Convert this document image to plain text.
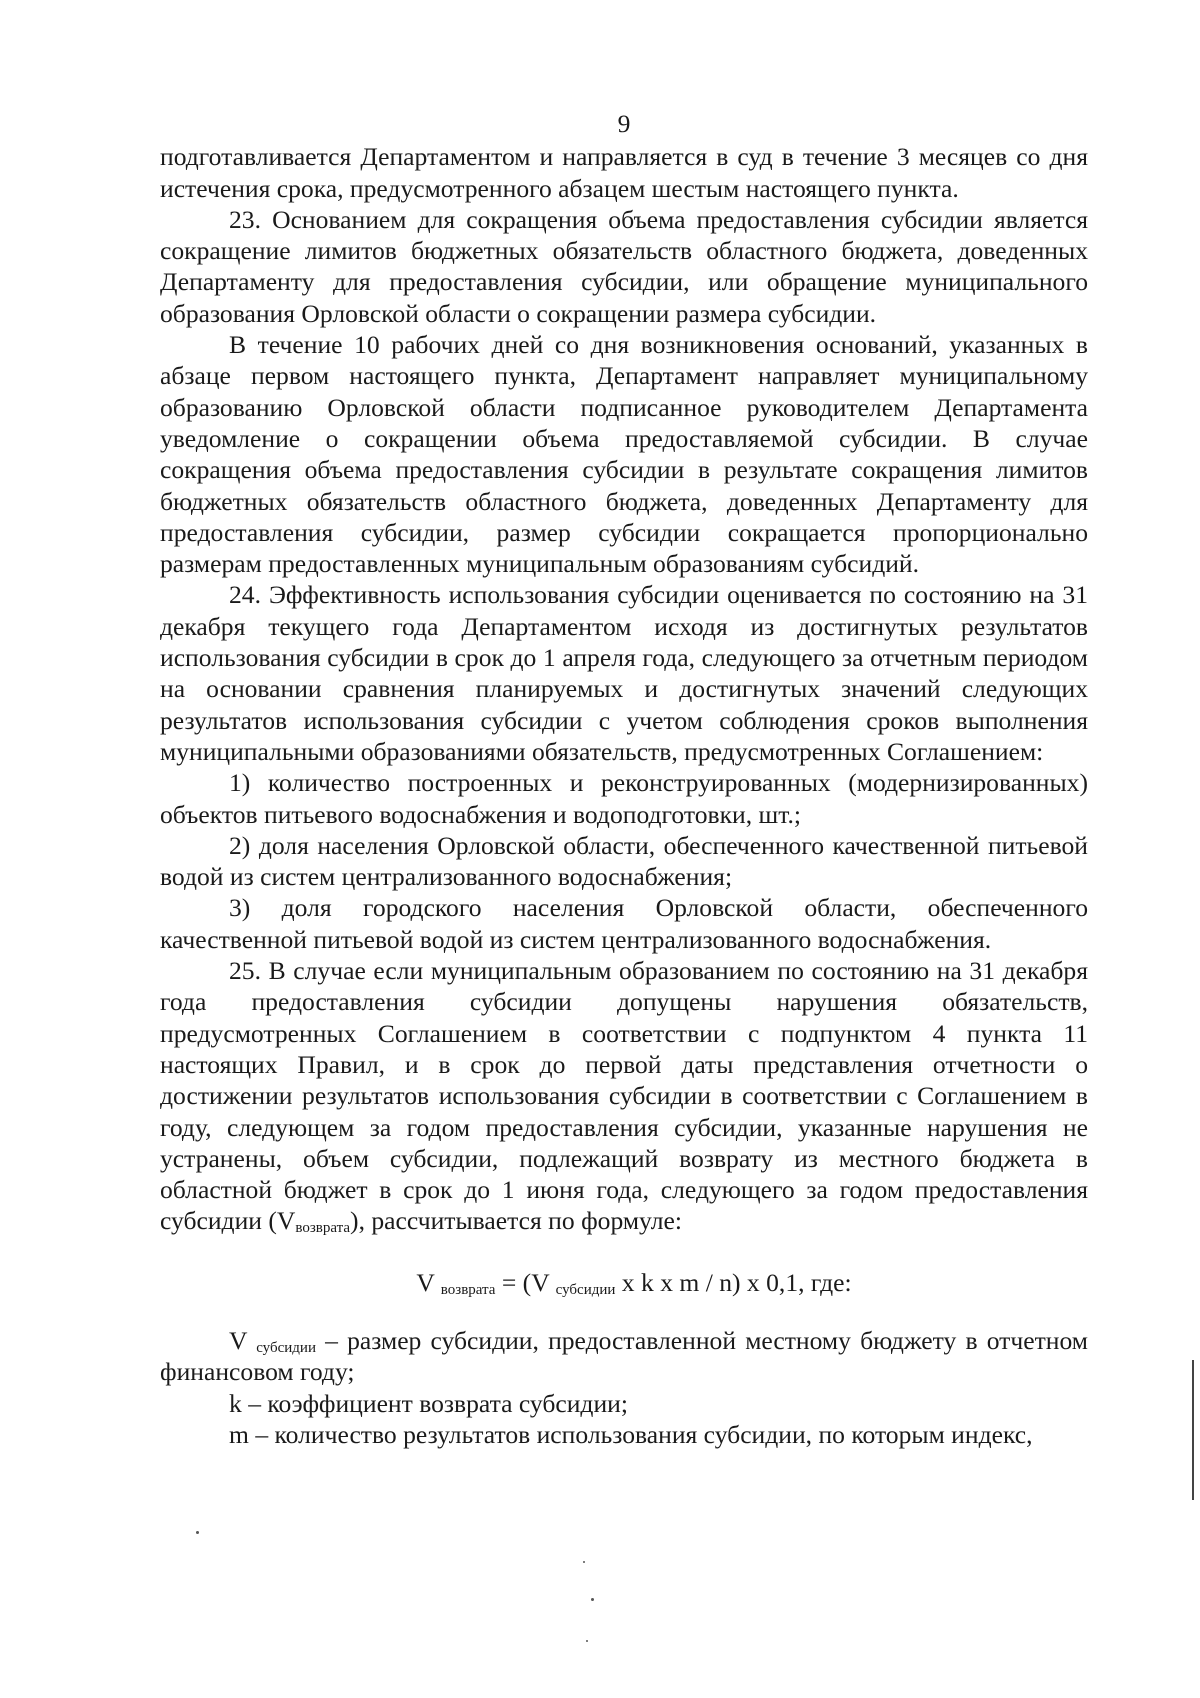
9

подготавливается Департаментом и направляется в суд в течение 3 месяцев со дня истечения срока, предусмотренного абзацем шестым настоящего пункта.

23. Основанием для сокращения объема предоставления субсидии является сокращение лимитов бюджетных обязательств областного бюджета, доведенных Департаменту для предоставления субсидии, или обращение муниципального образования Орловской области о сокращении размера субсидии.

В течение 10 рабочих дней со дня возникновения оснований, указанных в абзаце первом настоящего пункта, Департамент направляет муниципальному образованию Орловской области подписанное руководителем Департамента уведомление о сокращении объема предоставляемой субсидии. В случае сокращения объема предоставления субсидии в результате сокращения лимитов бюджетных обязательств областного бюджета, доведенных Департаменту для предоставления субсидии, размер субсидии сокращается пропорционально размерам предоставленных муниципальным образованиям субсидий.

24. Эффективность использования субсидии оценивается по состоянию на 31 декабря текущего года Департаментом исходя из достигнутых результатов использования субсидии в срок до 1 апреля года, следующего за отчетным периодом на основании сравнения планируемых и достигнутых значений следующих результатов использования субсидии с учетом соблюдения сроков выполнения муниципальными образованиями обязательств, предусмотренных Соглашением:

1) количество построенных и реконструированных (модернизированных) объектов питьевого водоснабжения и водоподготовки, шт.;

2) доля населения Орловской области, обеспеченного качественной питьевой водой из систем централизованного водоснабжения;

3) доля городского населения Орловской области, обеспеченного качественной питьевой водой из систем централизованного водоснабжения.

25. В случае если муниципальным образованием по состоянию на 31 декабря года предоставления субсидии допущены нарушения обязательств, предусмотренных Соглашением в соответствии с подпунктом 4 пункта 11 настоящих Правил, и в срок до первой даты представления отчетности о достижении результатов использования субсидии в соответствии с Соглашением в году, следующем за годом предоставления субсидии, указанные нарушения не устранены, объем субсидии, подлежащий возврату из местного бюджета в областной бюджет в срок до 1 июня года, следующего за годом предоставления субсидии $(V_{возврата})$, рассчитывается по формуле:

V $_{возврата}$ = (V $_{субсидии}$ x k x m / n) x 0,1, где:

V $_{субсидии}$ – размер субсидии, предоставленной местному бюджету в отчетном финансовом году;

k – коэффициент возврата субсидии;

m – количество результатов использования субсидии, по которым индекс,
